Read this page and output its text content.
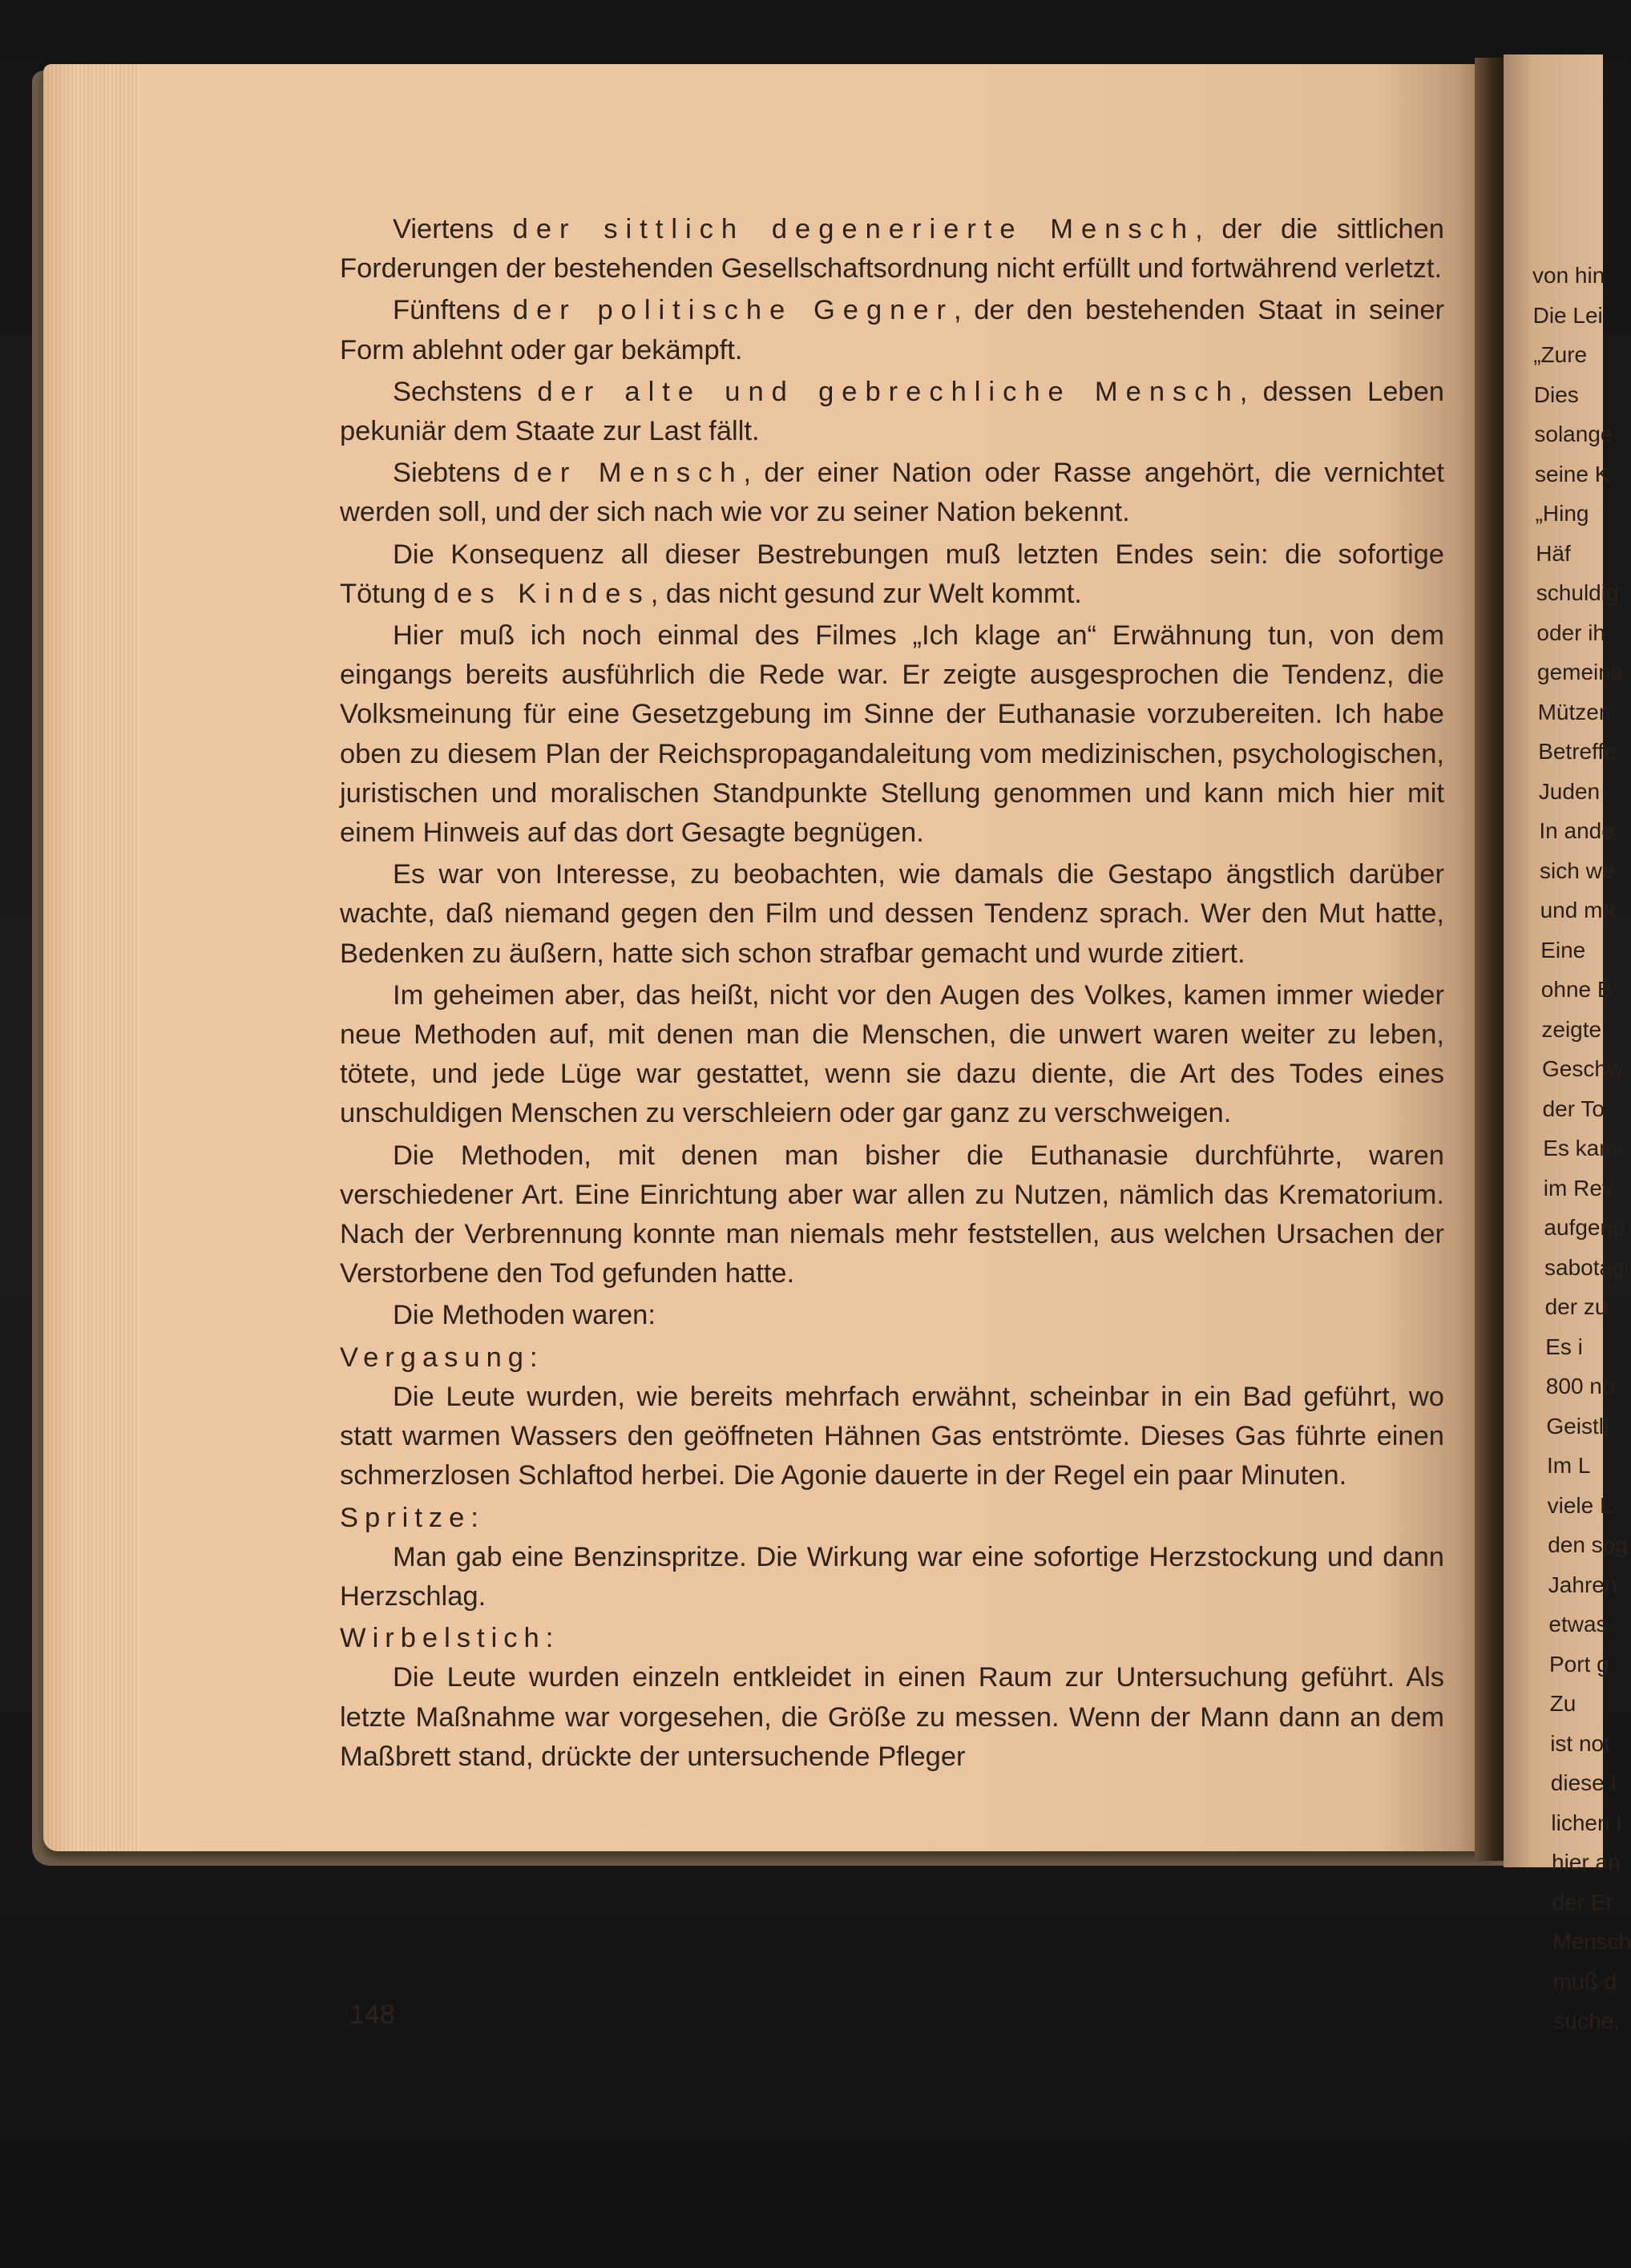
von hin
Die Lei
„Zure
Dies
solange
seine K
„Hing
Häf
schuldig
oder ih
gemeins
Mützen
Betreffe
Juden
In ande
sich we
und ma
Eine
ohne B
zeigte
Geschw
der To
Es kam
im Rev
aufgeno
sabotag
der zu
Es i
800 no
Geistli
Im L
viele L
den sog
Jahren
etwas
Port g
Zu
ist not
diese I
lichen I
hier an
der Er
Mensch
muß d
suche,

Viertens der sittlich degenerierte Mensch, der die sittlichen Forderungen der bestehenden Gesellschaftsordnung nicht erfüllt und fortwährend verletzt.

Fünftens der politische Gegner, der den bestehenden Staat in seiner Form ablehnt oder gar bekämpft.

Sechstens der alte und gebrechliche Mensch, dessen Leben pekuniär dem Staate zur Last fällt.

Siebtens der Mensch, der einer Nation oder Rasse angehört, die vernichtet werden soll, und der sich nach wie vor zu seiner Nation bekennt.

Die Konsequenz all dieser Bestrebungen muß letzten Endes sein: die sofortige Tötung des Kindes, das nicht gesund zur Welt kommt.

Hier muß ich noch einmal des Filmes „Ich klage an“ Erwähnung tun, von dem eingangs bereits ausführlich die Rede war. Er zeigte ausgesprochen die Tendenz, die Volksmeinung für eine Gesetzgebung im Sinne der Euthanasie vorzubereiten. Ich habe oben zu diesem Plan der Reichspropagandaleitung vom medizinischen, psychologischen, juristischen und moralischen Standpunkte Stellung genommen und kann mich hier mit einem Hinweis auf das dort Gesagte begnügen.

Es war von Interesse, zu beobachten, wie damals die Gestapo ängstlich darüber wachte, daß niemand gegen den Film und dessen Tendenz sprach. Wer den Mut hatte, Bedenken zu äußern, hatte sich schon strafbar gemacht und wurde zitiert.

Im geheimen aber, das heißt, nicht vor den Augen des Volkes, kamen immer wieder neue Methoden auf, mit denen man die Menschen, die unwert waren weiter zu leben, tötete, und jede Lüge war gestattet, wenn sie dazu diente, die Art des Todes eines unschuldigen Menschen zu verschleiern oder gar ganz zu verschweigen.

Die Methoden, mit denen man bisher die Euthanasie durchführte, waren verschiedener Art. Eine Einrichtung aber war allen zu Nutzen, nämlich das Krematorium. Nach der Verbrennung konnte man niemals mehr feststellen, aus welchen Ursachen der Verstorbene den Tod gefunden hatte.

Die Methoden waren:

Vergasung:

Die Leute wurden, wie bereits mehrfach erwähnt, scheinbar in ein Bad geführt, wo statt warmen Wassers den geöffneten Hähnen Gas entströmte. Dieses Gas führte einen schmerzlosen Schlaftod herbei. Die Agonie dauerte in der Regel ein paar Minuten.

Spritze:

Man gab eine Benzinspritze. Die Wirkung war eine sofortige Herzstockung und dann Herzschlag.

Wirbelstich:

Die Leute wurden einzeln entkleidet in einen Raum zur Untersuchung geführt. Als letzte Maßnahme war vorgesehen, die Größe zu messen. Wenn der Mann dann an dem Maßbrett stand, drückte der untersuchende Pfleger

148
